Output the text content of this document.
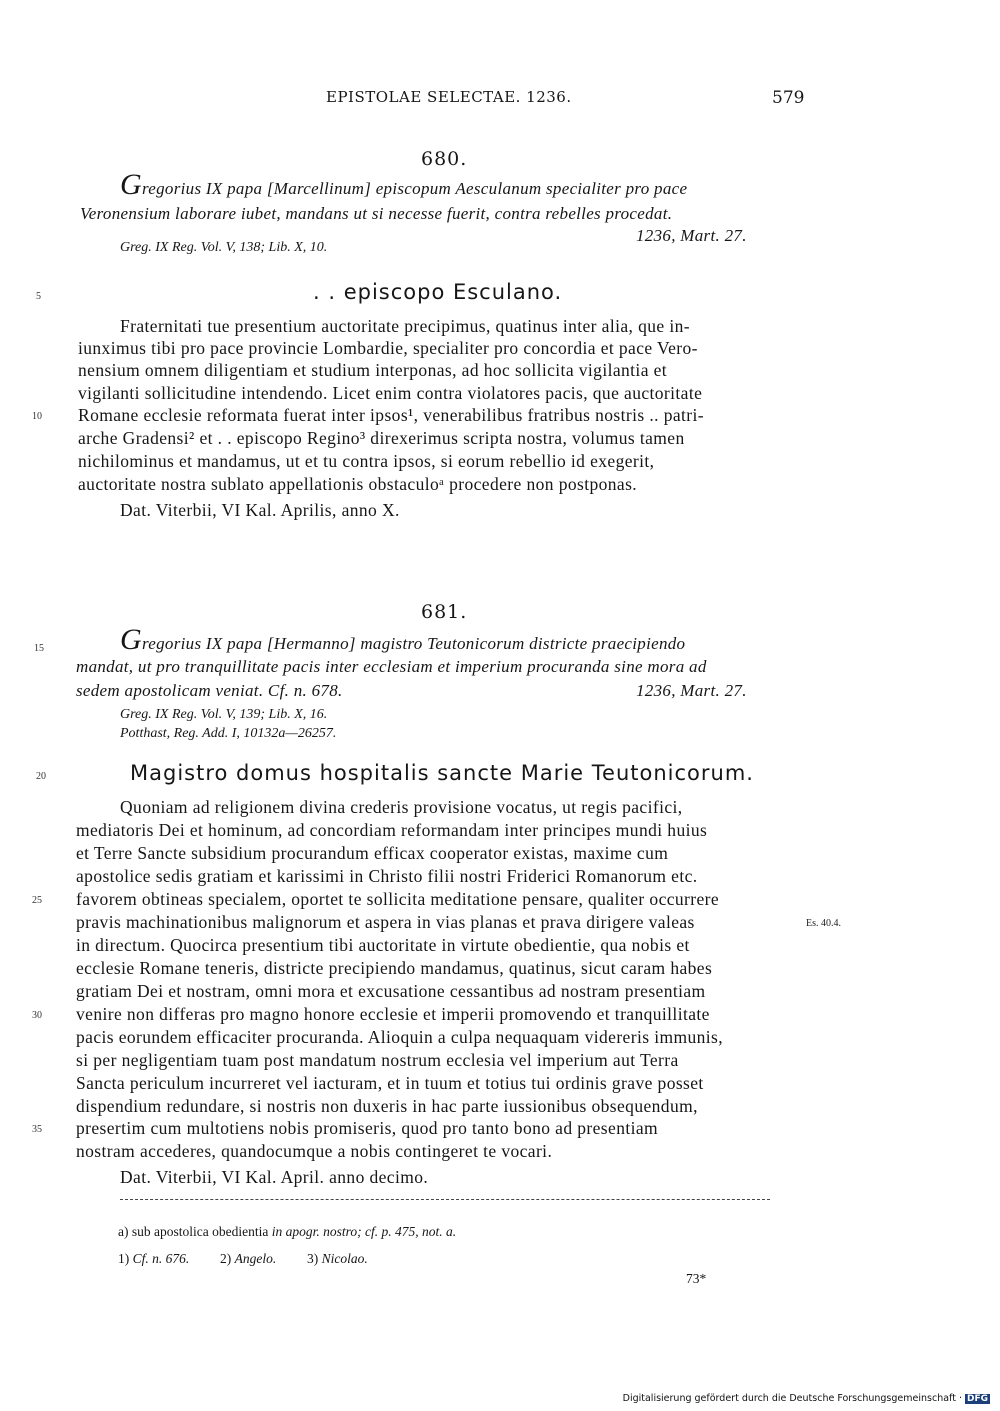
EPISTOLAE SELECTAE. 1236.	579
680.
Gregorius IX papa [Marcellinum] episcopum Aesculanum specialiter pro pace
Veronensium laborare iubet, mandans ut si necesse fuerit, contra rebelles procedat.
1236, Mart. 27.
Greg. IX Reg. Vol. V, 138; Lib. X, 10.
5	. . episcopo Esculano.
Fraternitati tue presentium auctoritate precipimus, quatinus inter alia, que in-
iunximus tibi pro pace provincie Lombardie, specialiter pro concordia et pace Vero-
nensium omnem diligentiam et studium interponas, ad hoc sollicita vigilantia et
vigilanti sollicitudine intendendo. Licet enim contra violatores pacis, que auctoritate
10 Romane ecclesie reformata fuerat inter ipsos¹, venerabilibus fratribus nostris .. patri-
arche Gradensi² et . . episcopo Regino³ direxerimus scripta nostra, volumus tamen
nichilominus et mandamus, ut et tu contra ipsos, si eorum rebellio id exegerit,
auctoritate nostra sublato appellationis obstaculoᵃ procedere non postponas.
Dat. Viterbii, VI Kal. Aprilis, anno X.
681.
15	Gregorius IX papa [Hermanno] magistro Teutonicorum districte praecipiendo
mandat, ut pro tranquillitate pacis inter ecclesiam et imperium procuranda sine mora ad
sedem apostolicam veniat. Cf. n. 678.	1236, Mart. 27.
Greg. IX Reg. Vol. V, 139; Lib. X, 16.
Potthast, Reg. Add. I, 10132a—26257.
20	Magistro domus hospitalis sancte Marie Teutonicorum.
Quoniam ad religionem divina crederis provisione vocatus, ut regis pacifici,
mediatoris Dei et hominum, ad concordiam reformandam inter principes mundi huius
et Terre Sancte subsidium procurandum efficax cooperator existas, maxime cum
apostolice sedis gratiam et karissimi in Christo filii nostri Friderici Romanorum etc.
25 favorem obtineas specialem, oportet te sollicita meditatione pensare, qualiter occurrere
pravis machinationibus malignorum et aspera in vias planas et prava dirigere valeas	Es. 40.4.
in directum. Quocirca presentium tibi auctoritate in virtute obedientie, qua nobis et
ecclesie Romane teneris, districte precipiendo mandamus, quatinus, sicut caram habes
gratiam Dei et nostram, omni mora et excusatione cessantibus ad nostram presentiam
30 venire non differas pro magno honore ecclesie et imperii promovendo et tranquillitate
pacis eorundem efficaciter procuranda. Alioquin a culpa nequaquam videreris immunis,
si per negligentiam tuam post mandatum nostrum ecclesia vel imperium aut Terra
Sancta periculum incurreret vel iacturam, et in tuum et totius tui ordinis grave posset
dispendium redundare, si nostris non duxeris in hac parte iussionibus obsequendum,
35 presertim cum multotiens nobis promiseris, quod pro tanto bono ad presentiam
nostram accederes, quandocumque a nobis contingeret te vocari.
Dat. Viterbii, VI Kal. April. anno decimo.
a) sub apostolica obedientia in apogr. nostro; cf. p. 475, not. a.
1) Cf. n. 676. 2) Angelo. 3) Nicolao.
73*
Digitalisierung gefördert durch die Deutsche Forschungsgemeinschaft · DFG
